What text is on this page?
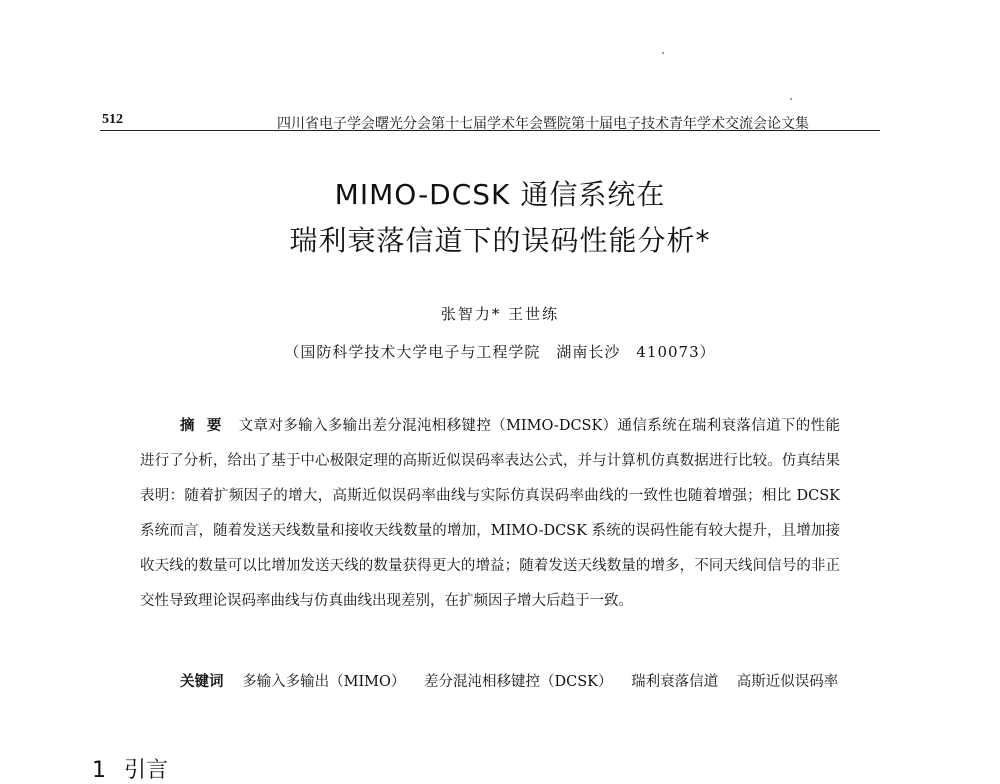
512	四川省电子学会曙光分会第十七届学术年会暨院第十届电子技术青年学术交流会论文集
MIMO-DCSK 通信系统在
瑞利衰落信道下的误码性能分析*
张智力* 王世练
（国防科学技术大学电子与工程学院　湖南长沙　410073）
摘要 文章对多输入多输出差分混沌相移键控（MIMO-DCSK）通信系统在瑞利衰落信道下的性能进行了分析，给出了基于中心极限定理的高斯近似误码率表达公式，并与计算机仿真数据进行比较。仿真结果表明：随着扩频因子的增大，高斯近似误码率曲线与实际仿真误码率曲线的一致性也随着增强；相比 DCSK 系统而言，随着发送天线数量和接收天线数量的增加，MIMO-DCSK 系统的误码性能有较大提升，且增加接收天线的数量可以比增加发送天线的数量获得更大的增益；随着发送天线数量的增多，不同天线间信号的非正交性导致理论误码率曲线与仿真曲线出现差别，在扩频因子增大后趋于一致。
关键词 多输入多输出（MIMO） 差分混沌相移键控（DCSK） 瑞利衰落信道 高斯近似误码率
1 引言
